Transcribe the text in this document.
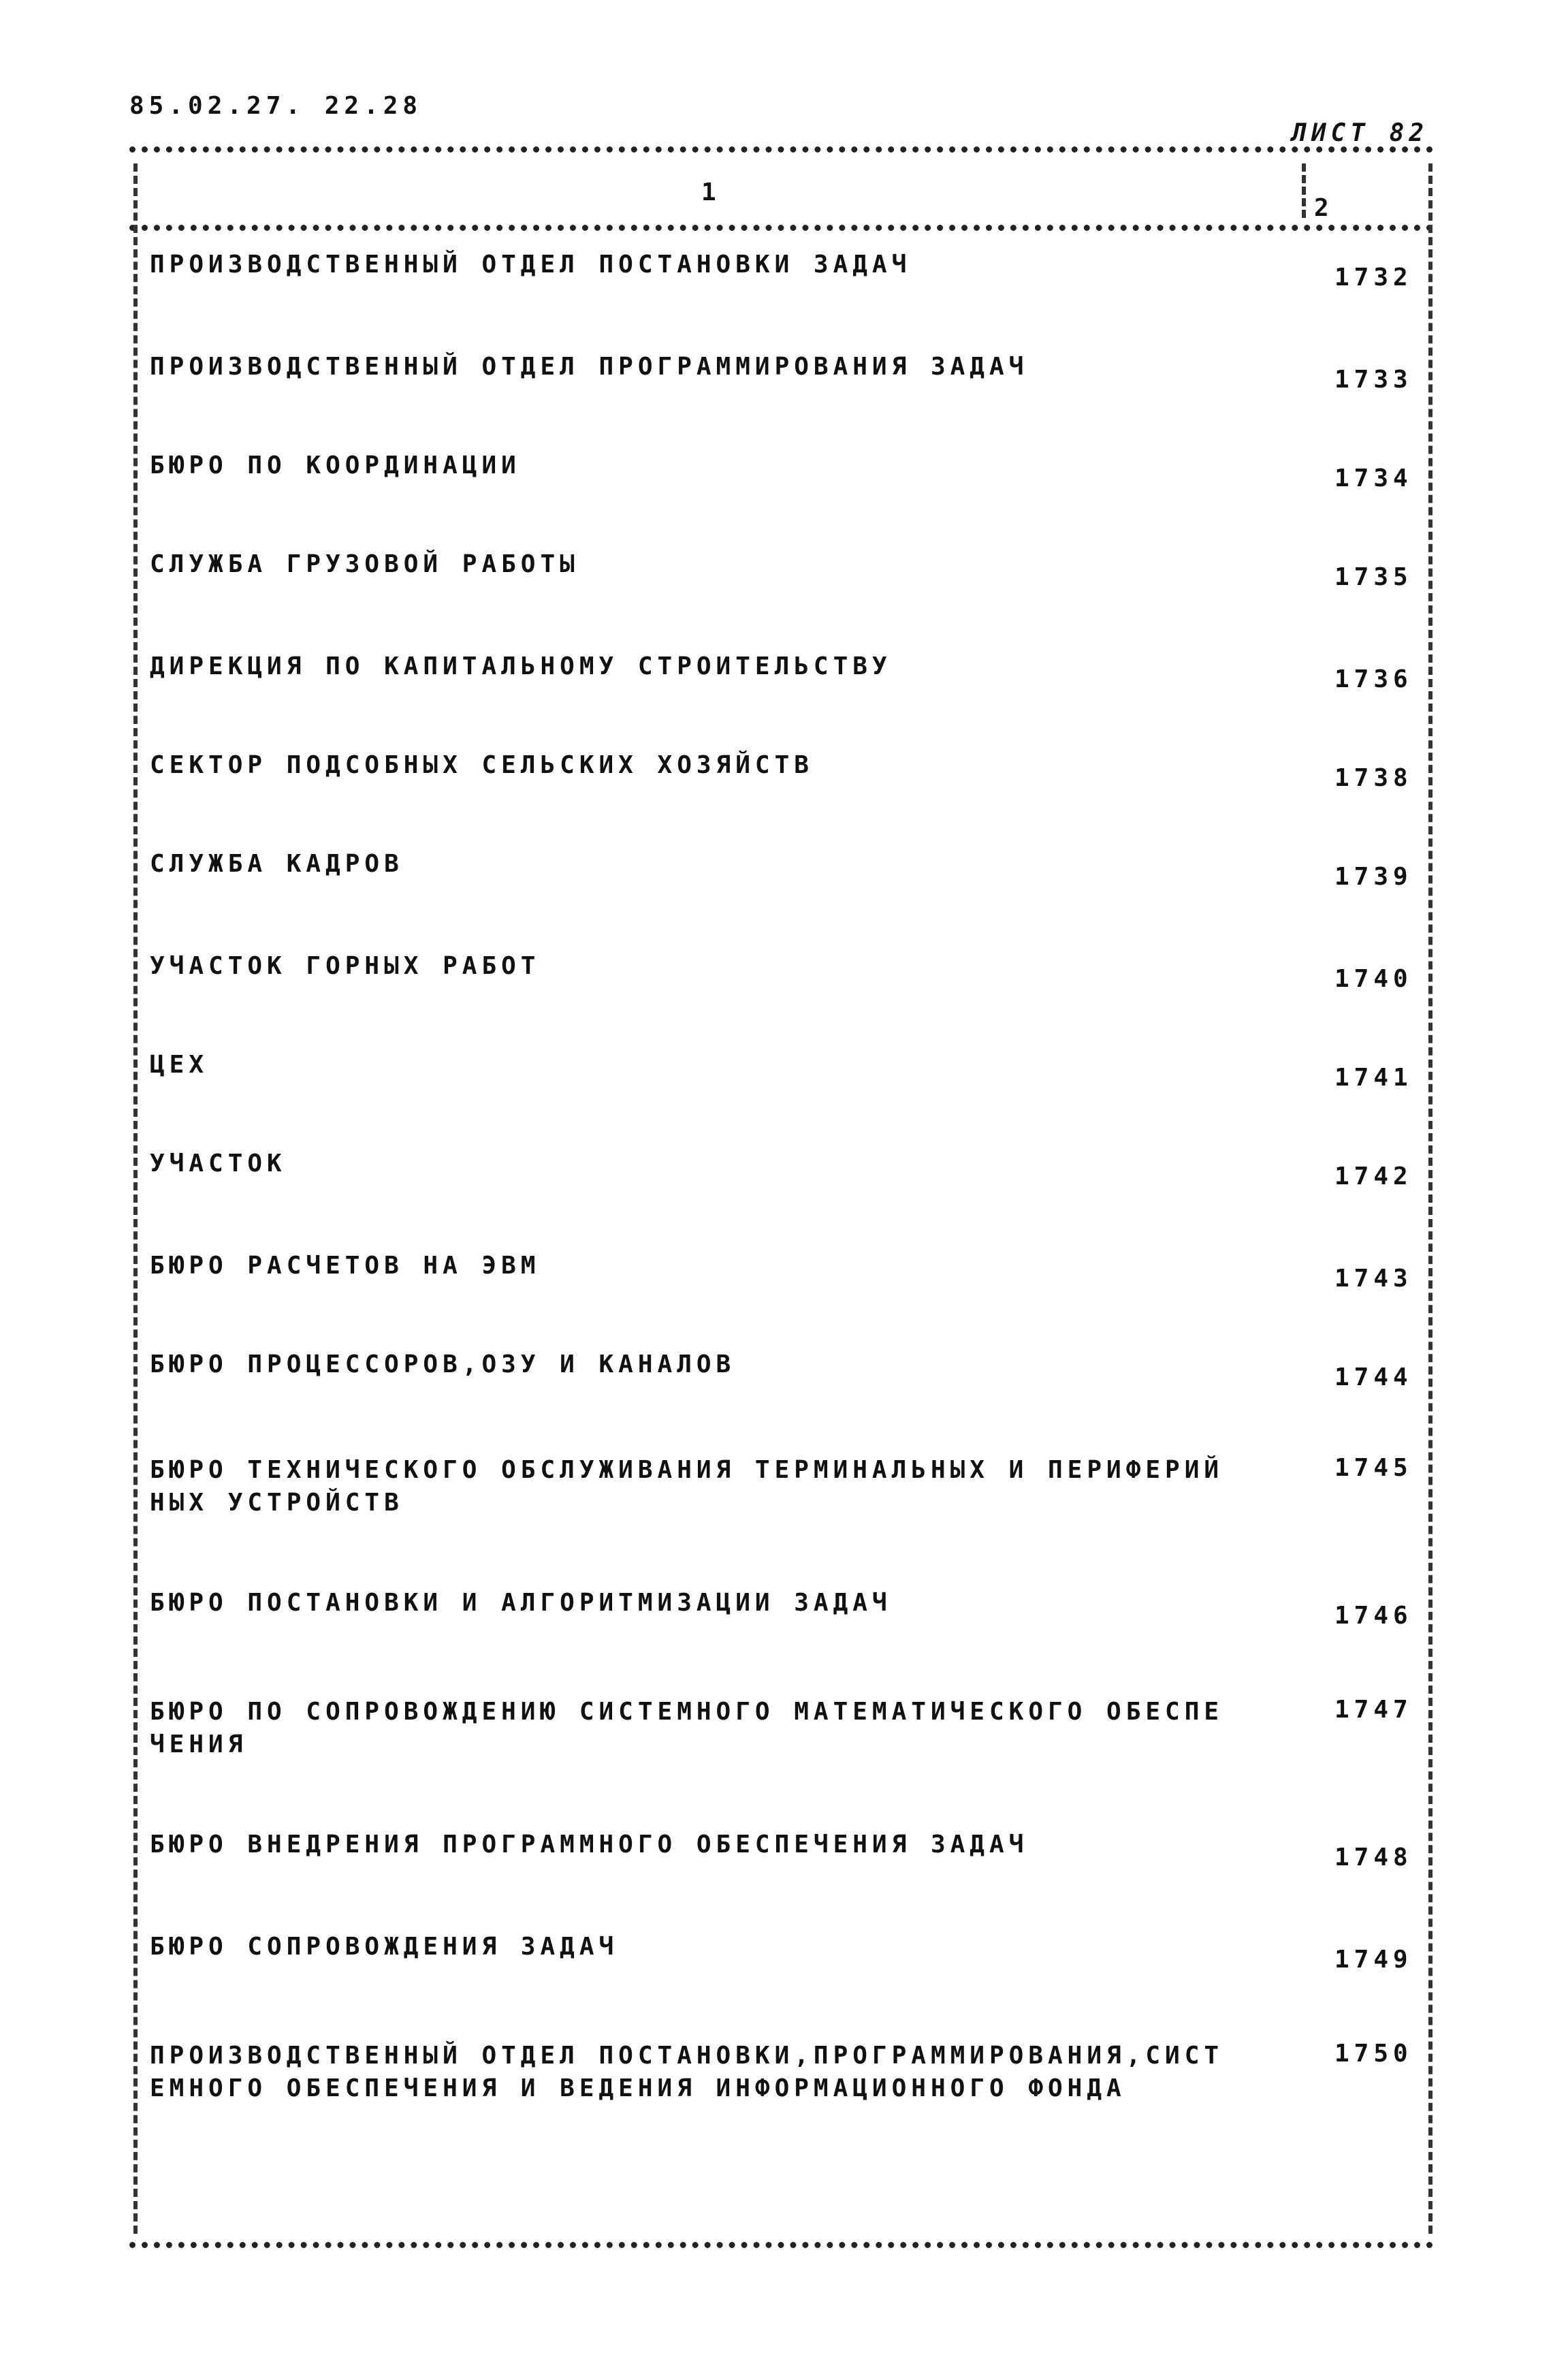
85.02.27. 22.28
ЛИСТ 82
1
2
ПРОИЗВОДСТВЕННЫЙ ОТДЕЛ ПОСТАНОВКИ ЗАДАЧ	1732
ПРОИЗВОДСТВЕННЫЙ ОТДЕЛ ПРОГРАММИРОВАНИЯ ЗАДАЧ	1733
БЮРО ПО КООРДИНАЦИИ	1734
СЛУЖБА ГРУЗОВОЙ РАБОТЫ	1735
ДИРЕКЦИЯ ПО КАПИТАЛЬНОМУ СТРОИТЕЛЬСТВУ	1736
СЕКТОР ПОДСОБНЫХ СЕЛЬСКИХ ХОЗЯЙСТВ	1738
СЛУЖБА КАДРОВ	1739
УЧАСТОК ГОРНЫХ РАБОТ	1740
ЦЕХ	1741
УЧАСТОК	1742
БЮРО РАСЧЕТОВ НА ЭВМ	1743
БЮРО ПРОЦЕССОРОВ,ОЗУ И КАНАЛОВ	1744
БЮРО ТЕХНИЧЕСКОГО ОБСЛУЖИВАНИЯ ТЕРМИНАЛЬНЫХ И ПЕРИФЕРИЙ
НЫХ УСТРОЙСТВ
1745
БЮРО ПОСТАНОВКИ И АЛГОРИТМИЗАЦИИ ЗАДАЧ	1746
БЮРО ПО СОПРОВОЖДЕНИЮ СИСТЕМНОГО МАТЕМАТИЧЕСКОГО ОБЕСПЕ
ЧЕНИЯ
1747
БЮРО ВНЕДРЕНИЯ ПРОГРАММНОГО ОБЕСПЕЧЕНИЯ ЗАДАЧ	1748
БЮРО СОПРОВОЖДЕНИЯ ЗАДАЧ	1749
ПРОИЗВОДСТВЕННЫЙ ОТДЕЛ ПОСТАНОВКИ,ПРОГРАММИРОВАНИЯ,СИСТ
ЕМНОГО ОБЕСПЕЧЕНИЯ И ВЕДЕНИЯ ИНФОРМАЦИОННОГО ФОНДА
1750
